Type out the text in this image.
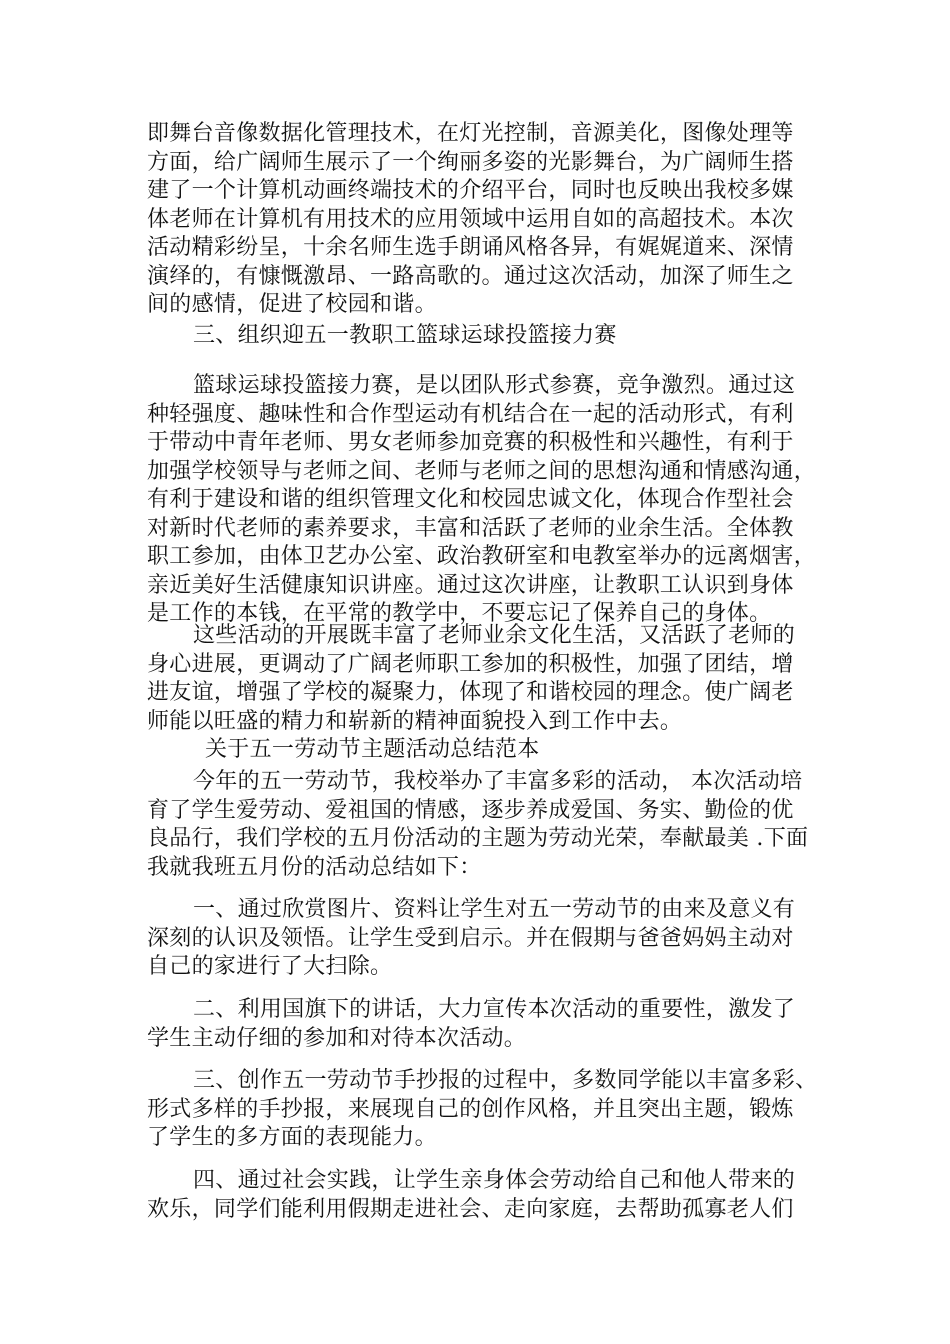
即舞台音像数据化管理技术，在灯光控制，音源美化，图像处理等
方面，给广阔师生展示了一个绚丽多姿的光影舞台，为广阔师生搭
建了一个计算机动画终端技术的介绍平台，同时也反映出我校多媒
体老师在计算机有用技术的应用领域中运用自如的高超技术。本次
活动精彩纷呈，十余名师生选手朗诵风格各异，有娓娓道来、深情
演绎的，有慷慨激昂、一路高歌的。通过这次活动，加深了师生之
间的感情，促进了校园和谐。
三、组织迎五一教职工篮球运球投篮接力赛
篮球运球投篮接力赛，是以团队形式参赛，竞争激烈。通过这
种轻强度、趣味性和合作型运动有机结合在一起的活动形式，有利
于带动中青年老师、男女老师参加竞赛的积极性和兴趣性，有利于
加强学校领导与老师之间、老师与老师之间的思想沟通和情感沟通，
有利于建设和谐的组织管理文化和校园忠诚文化，体现合作型社会
对新时代老师的素养要求，丰富和活跃了老师的业余生活。全体教
职工参加，由体卫艺办公室、政治教研室和电教室举办的远离烟害，
亲近美好生活健康知识讲座。通过这次讲座，让教职工认识到身体
是工作的本钱，在平常的教学中，不要忘记了保养自己的身体。
这些活动的开展既丰富了老师业余文化生活，又活跃了老师的
身心进展，更调动了广阔老师职工参加的积极性，加强了团结，增
进友谊，增强了学校的凝聚力，体现了和谐校园的理念。使广阔老
师能以旺盛的精力和崭新的精神面貌投入到工作中去。
关于五一劳动节主题活动总结范本
今年的五一劳动节，我校举办了丰富多彩的活动， 本次活动培
育了学生爱劳动、爱祖国的情感，逐步养成爱国、务实、勤俭的优
良品行，我们学校的五月份活动的主题为劳动光荣，奉献最美 .下面
我就我班五月份的活动总结如下：
一、通过欣赏图片、资料让学生对五一劳动节的由来及意义有
深刻的认识及领悟。让学生受到启示。并在假期与爸爸妈妈主动对
自己的家进行了大扫除。
二、利用国旗下的讲话，大力宣传本次活动的重要性，激发了
学生主动仔细的参加和对待本次活动。
三、创作五一劳动节手抄报的过程中，多数同学能以丰富多彩、
形式多样的手抄报，来展现自己的创作风格，并且突出主题，锻炼
了学生的多方面的表现能力。
四、通过社会实践，让学生亲身体会劳动给自己和他人带来的
欢乐，同学们能利用假期走进社会、走向家庭，去帮助孤寡老人们
